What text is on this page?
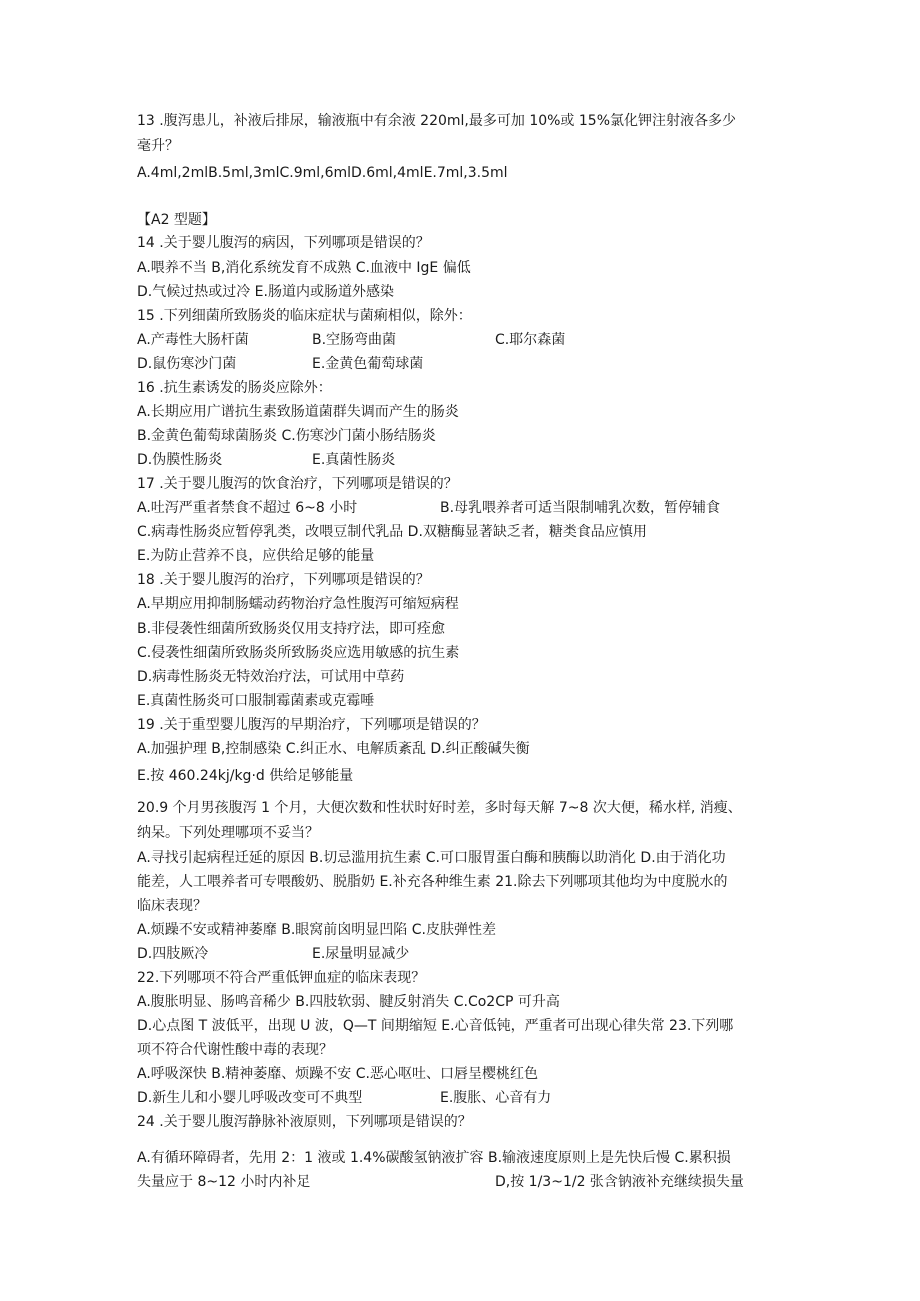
13 .腹泻患儿，补液后排尿，输液瓶中有余液 220ml,最多可加 10%或 15%氯化钾注射液各多少
毫升？
A.4ml,2mlB.5ml,3mlC.9ml,6mlD.6ml,4mlE.7ml,3.5ml
【A2 型题】
14 .关于婴儿腹泻的病因，下列哪项是错误的？
A.喂养不当 B,消化系统发育不成熟 C.血液中 IgE 偏低
D.气候过热或过冷 E.肠道内或肠道外感染
15 .下列细菌所致肠炎的临床症状与菌痢相似，除外：
A.产毒性大肠杆菌	B.空肠弯曲菌	C.耶尔森菌
D.鼠伤寒沙门菌	E.金黄色葡萄球菌
16 .抗生素诱发的肠炎应除外：
A.长期应用广谱抗生素致肠道菌群失调而产生的肠炎
B.金黄色葡萄球菌肠炎 C.伤寒沙门菌小肠结肠炎
D.伪膜性肠炎	E.真菌性肠炎
17 .关于婴儿腹泻的饮食治疗，下列哪项是错误的？
A.吐泻严重者禁食不超过 6~8 小时	B.母乳喂养者可适当限制哺乳次数，暂停辅食
C.病毒性肠炎应暂停乳类，改喂豆制代乳品 D.双糖酶显著缺乏者，糖类食品应慎用
E.为防止营养不良，应供给足够的能量
18 .关于婴儿腹泻的治疗，下列哪项是错误的？
A.早期应用抑制肠蠕动药物治疗急性腹泻可缩短病程
B.非侵袭性细菌所致肠炎仅用支持疗法，即可痊愈
C.侵袭性细菌所致肠炎所致肠炎应选用敏感的抗生素
D.病毒性肠炎无特效治疗法，可试用中草药
E.真菌性肠炎可口服制霉菌素或克霉唾
19 .关于重型婴儿腹泻的早期治疗，下列哪项是错误的？
A.加强护理 B,控制感染 C.纠正水、电解质紊乱 D.纠正酸碱失衡
E.按 460.24kj/kg·d 供给足够能量
20.9 个月男孩腹泻 1 个月，大便次数和性状时好时差，多时每天解 7~8 次大便，稀水样, 消瘦、
纳呆。下列处理哪项不妥当？
A.寻找引起病程迁延的原因 B.切忌滥用抗生素 C.可口服胃蛋白酶和胰酶以助消化 D.由于消化功
能差，人工喂养者可专喂酸奶、脱脂奶 E.补充各种维生素 21.除去下列哪项其他均为中度脱水的
临床表现？
A.烦躁不安或精神萎靡 B.眼窝前囟明显凹陷 C.皮肤弹性差
D.四肢厥冷	E.尿量明显减少
22.下列哪项不符合严重低钾血症的临床表现？
A.腹胀明显、肠鸣音稀少 B.四肢软弱、腱反射消失 C.Co2CP 可升高
D.心点图 T 波低平，出现 U 波，Q—T 间期缩短 E.心音低钝，严重者可出现心律失常 23.下列哪
项不符合代谢性酸中毒的表现？
A.呼吸深快 B.精神萎靡、烦躁不安 C.恶心呕吐、口唇呈樱桃红色
D.新生儿和小婴儿呼吸改变可不典型	E.腹胀、心音有力
24 .关于婴儿腹泻静脉补液原则，下列哪项是错误的？
A.有循环障碍者，先用 2：1 液或 1.4%碳酸氢钠液扩容 B.输液速度原则上是先快后慢 C.累积损
失量应于 8~12 小时内补足	D,按 1/3~1/2 张含钠液补充继续损失量
